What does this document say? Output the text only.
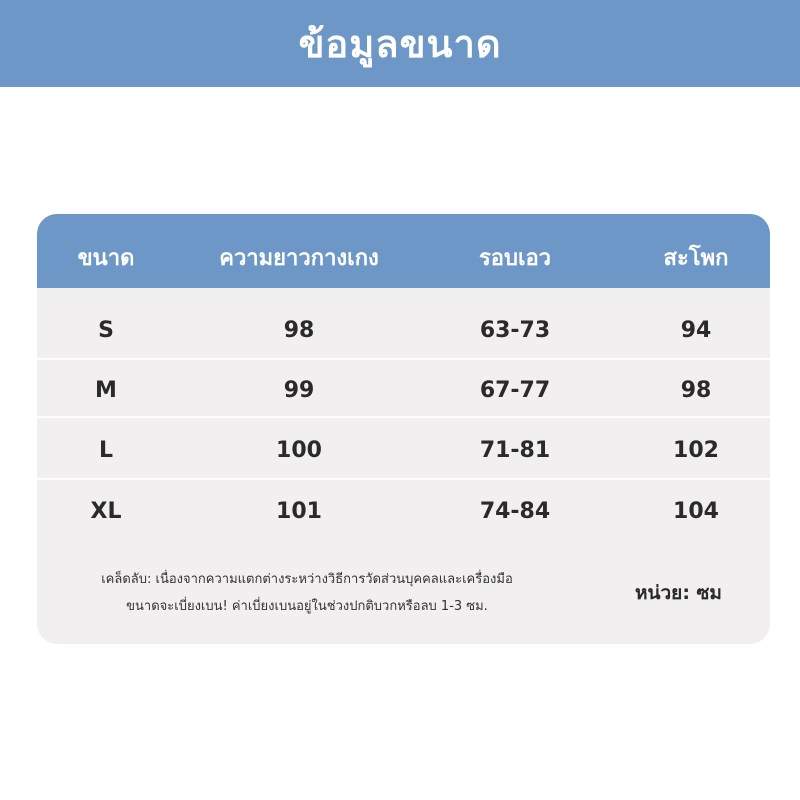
ข้อมูลขนาด
ขนาด	ความยาวกางเกง	รอบเอว	สะโพก
S	98	63-73	94
M	99	67-77	98
L	100	71-81	102
XL	101	74-84	104
เคล็ดลับ: เนื่องจากความแตกต่างระหว่างวิธีการวัดส่วนบุคคลและเครื่องมือ
ขนาดจะเบี่ยงเบน! ค่าเบี่ยงเบนอยู่ในช่วงปกติบวกหรือลบ 1-3 ซม.
หน่วย: ซม
